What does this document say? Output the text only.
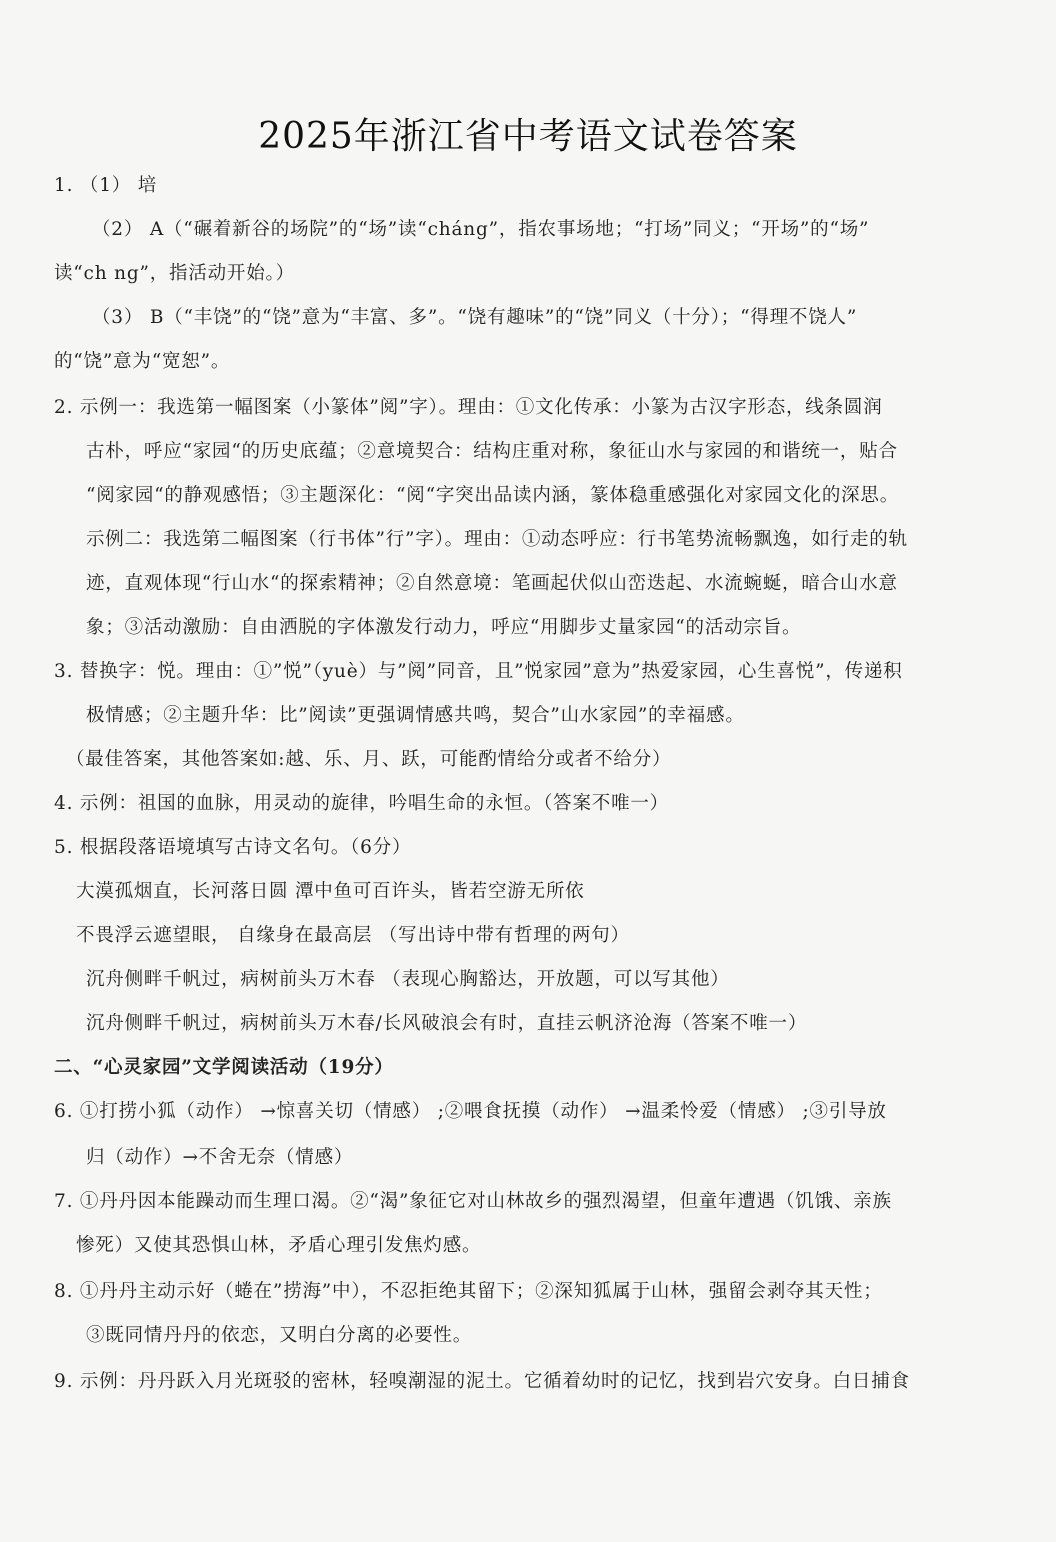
2025年浙江省中考语文试卷答案
1. （1） 培
（2） A（“碾着新谷的场院”的“场”读“cháng”，指农事场地；“打场”同义；“开场”的“场”
读“ch ng”，指活动开始。）
（3） B（“丰饶”的“饶”意为“丰富、多”。“饶有趣味”的“饶”同义（十分）；“得理不饶人”
的“饶”意为“宽恕”。
2. 示例一：我选第一幅图案（小篆体”阅”字）。理由：①文化传承：小篆为古汉字形态，线条圆润
古朴，呼应“家园“的历史底蕴；②意境契合：结构庄重对称，象征山水与家园的和谐统一，贴合
“阅家园“的静观感悟；③主题深化：“阅“字突出品读内涵，篆体稳重感强化对家园文化的深思。
示例二：我选第二幅图案（行书体”行”字）。理由：①动态呼应：行书笔势流畅飘逸，如行走的轨
迹，直观体现“行山水“的探索精神；②自然意境：笔画起伏似山峦迭起、水流蜿蜒，暗合山水意
象；③活动激励：自由洒脱的字体激发行动力，呼应“用脚步丈量家园“的活动宗旨。
3. 替换字：悦。理由：①”悦”（yuè）与”阅”同音，且”悦家园”意为”热爱家园，心生喜悦”，传递积
极情感；②主题升华：比”阅读”更强调情感共鸣，契合”山水家园”的幸福感。
（最佳答案，其他答案如:越、乐、月、跃，可能酌情给分或者不给分）
4. 示例：祖国的血脉，用灵动的旋律，吟唱生命的永恒。（答案不唯一）
5. 根据段落语境填写古诗文名句。（6分）
大漠孤烟直，长河落日圆 潭中鱼可百许头，皆若空游无所依
不畏浮云遮望眼， 自缘身在最高层 （写出诗中带有哲理的两句）
沉舟侧畔千帆过，病树前头万木春 （表现心胸豁达，开放题，可以写其他）
沉舟侧畔千帆过，病树前头万木春/长风破浪会有时，直挂云帆济沧海（答案不唯一）
二、“心灵家园”文学阅读活动（19分）
6. ①打捞小狐（动作） →惊喜关切（情感） ;②喂食抚摸（动作） →温柔怜爱（情感） ;③引导放
归（动作）→不舍无奈（情感）
7. ①丹丹因本能躁动而生理口渴。②“渴”象征它对山林故乡的强烈渴望，但童年遭遇（饥饿、亲族
惨死）又使其恐惧山林，矛盾心理引发焦灼感。
8. ①丹丹主动示好（蜷在”捞海”中），不忍拒绝其留下；②深知狐属于山林，强留会剥夺其天性；
③既同情丹丹的依恋，又明白分离的必要性。
9. 示例：丹丹跃入月光斑驳的密林，轻嗅潮湿的泥土。它循着幼时的记忆，找到岩穴安身。白日捕食
